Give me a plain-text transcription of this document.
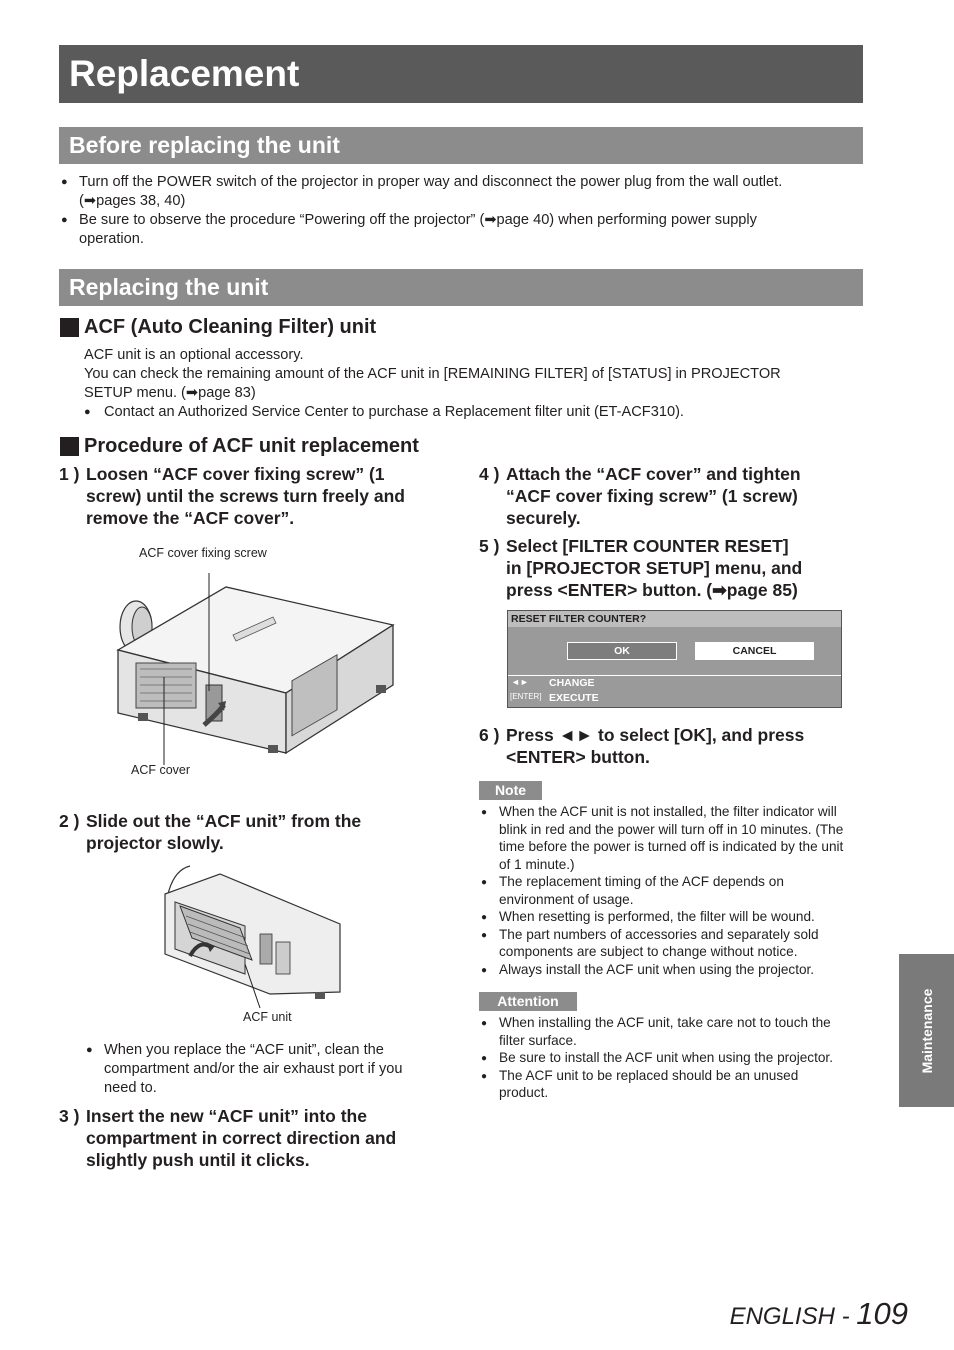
Replacement
Before replacing the unit
● Turn off the POWER switch of the projector in proper way and disconnect the power plug from the wall outlet.
(➡pages 38, 40)
● Be sure to observe the procedure “Powering off the projector” (➡page 40) when performing power supply
operation.
Replacing the unit
ACF (Auto Cleaning Filter) unit
ACF unit is an optional accessory.
You can check the remaining amount of the ACF unit in [REMAINING FILTER] of [STATUS] in PROJECTOR
SETUP menu. (➡page 83)
● Contact an Authorized Service Center to purchase a Replacement filter unit (ET-ACF310).
Procedure of ACF unit replacement
1 ) Loosen “ACF cover fixing screw” (1
screw) until the screws turn freely and
remove the “ACF cover”.
ACF cover fixing screw
ACF cover
2 ) Slide out the “ACF unit” from the
projector slowly.
ACF unit
● When you replace the “ACF unit”, clean the
compartment and/or the air exhaust port if you
need to.
3 ) Insert the new “ACF unit” into the
compartment in correct direction and
slightly push until it clicks.
4 ) Attach the “ACF cover” and tighten
“ACF cover fixing screw” (1 screw)
securely.
5 ) Select [FILTER COUNTER RESET]
in [PROJECTOR SETUP] menu, and
press <ENTER> button. (➡page 85)
RESET FILTER COUNTER?
OK	CANCEL
◄► CHANGE
[ENTER] EXECUTE
6 ) Press ◄► to select [OK], and press
<ENTER> button.
Note
● When the ACF unit is not installed, the filter indicator will
blink in red and the power will turn off in 10 minutes. (The
time before the power is turned off is indicated by the unit
of 1 minute.)
● The replacement timing of the ACF depends on
environment of usage.
● When resetting is performed, the filter will be wound.
● The part numbers of accessories and separately sold
components are subject to change without notice.
● Always install the ACF unit when using the projector.
Attention
● When installing the ACF unit, take care not to touch the
filter surface.
● Be sure to install the ACF unit when using the projector.
● The ACF unit to be replaced should be an unused
product.
Maintenance
ENGLISH - 109
